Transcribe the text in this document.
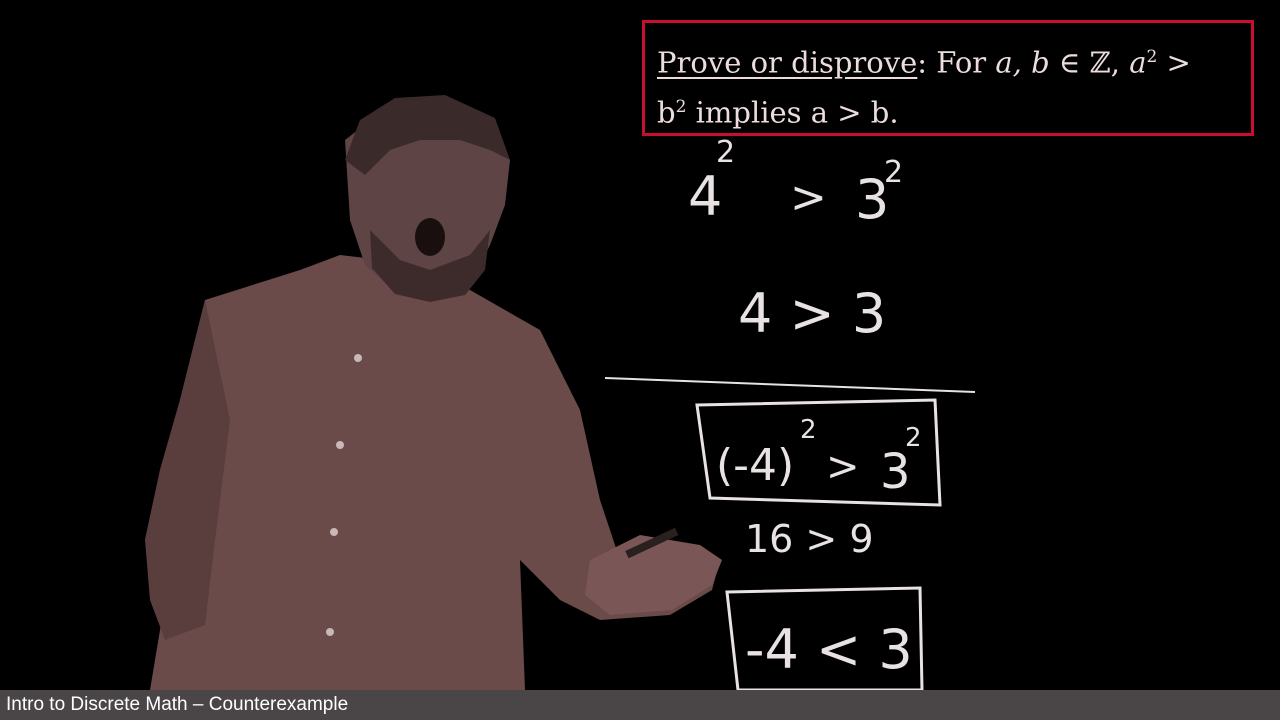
Prove or disprove: For a, b ∈ ℤ, $a^2$ >
$b^2$ implies a > b.
4
2
> 3
2
4 > 3
(-4)
2
> 3
2
16 > 9
-4 < 3
Intro to Discrete Math – Counterexample
